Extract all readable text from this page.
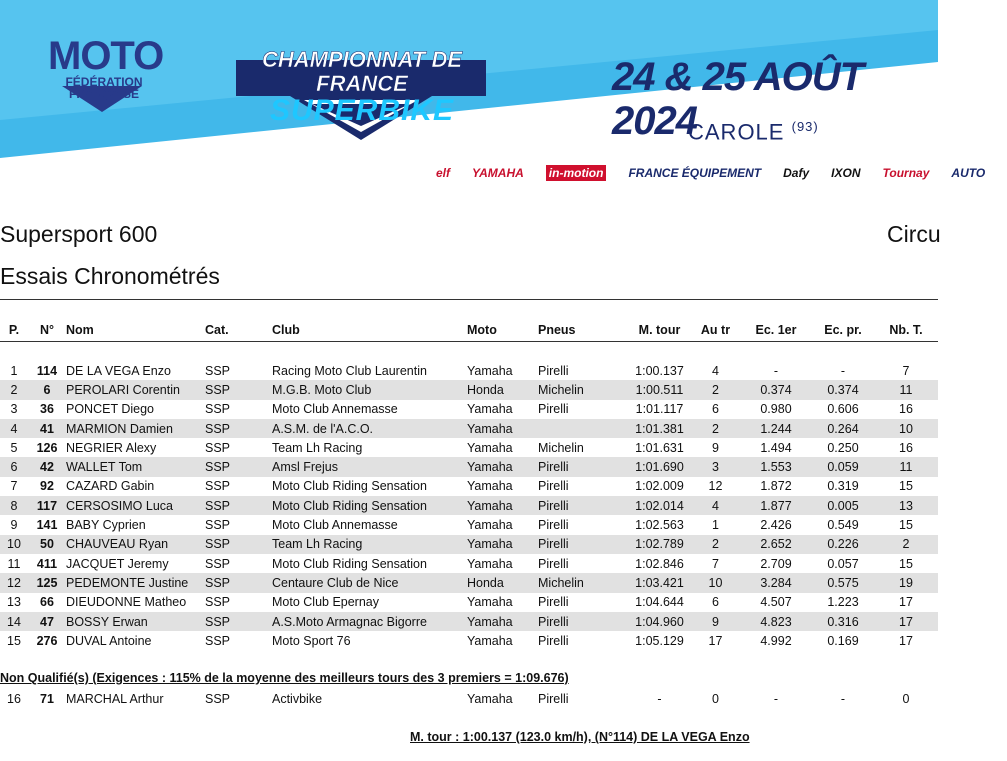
MOTO
FÉDÉRATION
FRANÇAISE
CHAMPIONNAT DE FRANCE
SUPERBIKE
24 & 25 AOÛT 2024
CAROLE $^{(93)}$
elf YAMAHA in-motion FRANCE ÉQUIPEMENT Dafy IXON Tournay AUTO
Supersport 600	Circu
Essais Chronométrés
P.	N°	Nom	Cat.	Club	Moto	Pneus	M. tour	Au tr	Ec. 1er	Ec. pr.	Nb. T.

1	114	DE LA VEGA Enzo	SSP	Racing Moto Club Laurentin	Yamaha	Pirelli	1:00.137	4	-	-	7
2	6	PEROLARI Corentin	SSP	M.G.B. Moto Club	Honda	Michelin	1:00.511	2	0.374	0.374	11
3	36	PONCET Diego	SSP	Moto Club Annemasse	Yamaha	Pirelli	1:01.117	6	0.980	0.606	16
4	41	MARMION Damien	SSP	A.S.M. de l'A.C.O.	Yamaha		1:01.381	2	1.244	0.264	10
5	126	NEGRIER Alexy	SSP	Team Lh Racing	Yamaha	Michelin	1:01.631	9	1.494	0.250	16
6	42	WALLET Tom	SSP	Amsl Frejus	Yamaha	Pirelli	1:01.690	3	1.553	0.059	11
7	92	CAZARD Gabin	SSP	Moto Club Riding Sensation	Yamaha	Pirelli	1:02.009	12	1.872	0.319	15
8	117	CERSOSIMO Luca	SSP	Moto Club Riding Sensation	Yamaha	Pirelli	1:02.014	4	1.877	0.005	13
9	141	BABY Cyprien	SSP	Moto Club Annemasse	Yamaha	Pirelli	1:02.563	1	2.426	0.549	15
10	50	CHAUVEAU Ryan	SSP	Team Lh Racing	Yamaha	Pirelli	1:02.789	2	2.652	0.226	2
11	411	JACQUET Jeremy	SSP	Moto Club Riding Sensation	Yamaha	Pirelli	1:02.846	7	2.709	0.057	15
12	125	PEDEMONTE Justine	SSP	Centaure Club de Nice	Honda	Michelin	1:03.421	10	3.284	0.575	19
13	66	DIEUDONNE Matheo	SSP	Moto Club Epernay	Yamaha	Pirelli	1:04.644	6	4.507	1.223	17
14	47	BOSSY Erwan	SSP	A.S.Moto Armagnac Bigorre	Yamaha	Pirelli	1:04.960	9	4.823	0.316	17
15	276	DUVAL Antoine	SSP	Moto Sport 76	Yamaha	Pirelli	1:05.129	17	4.992	0.169	17
Non Qualifié(s) (Exigences : 115% de la moyenne des meilleurs tours des 3 premiers = 1:09.676)
16	71	MARCHAL Arthur	SSP	Activbike	Yamaha	Pirelli	-	0	-	-	0
M. tour : 1:00.137 (123.0 km/h), (N°114) DE LA VEGA Enzo
